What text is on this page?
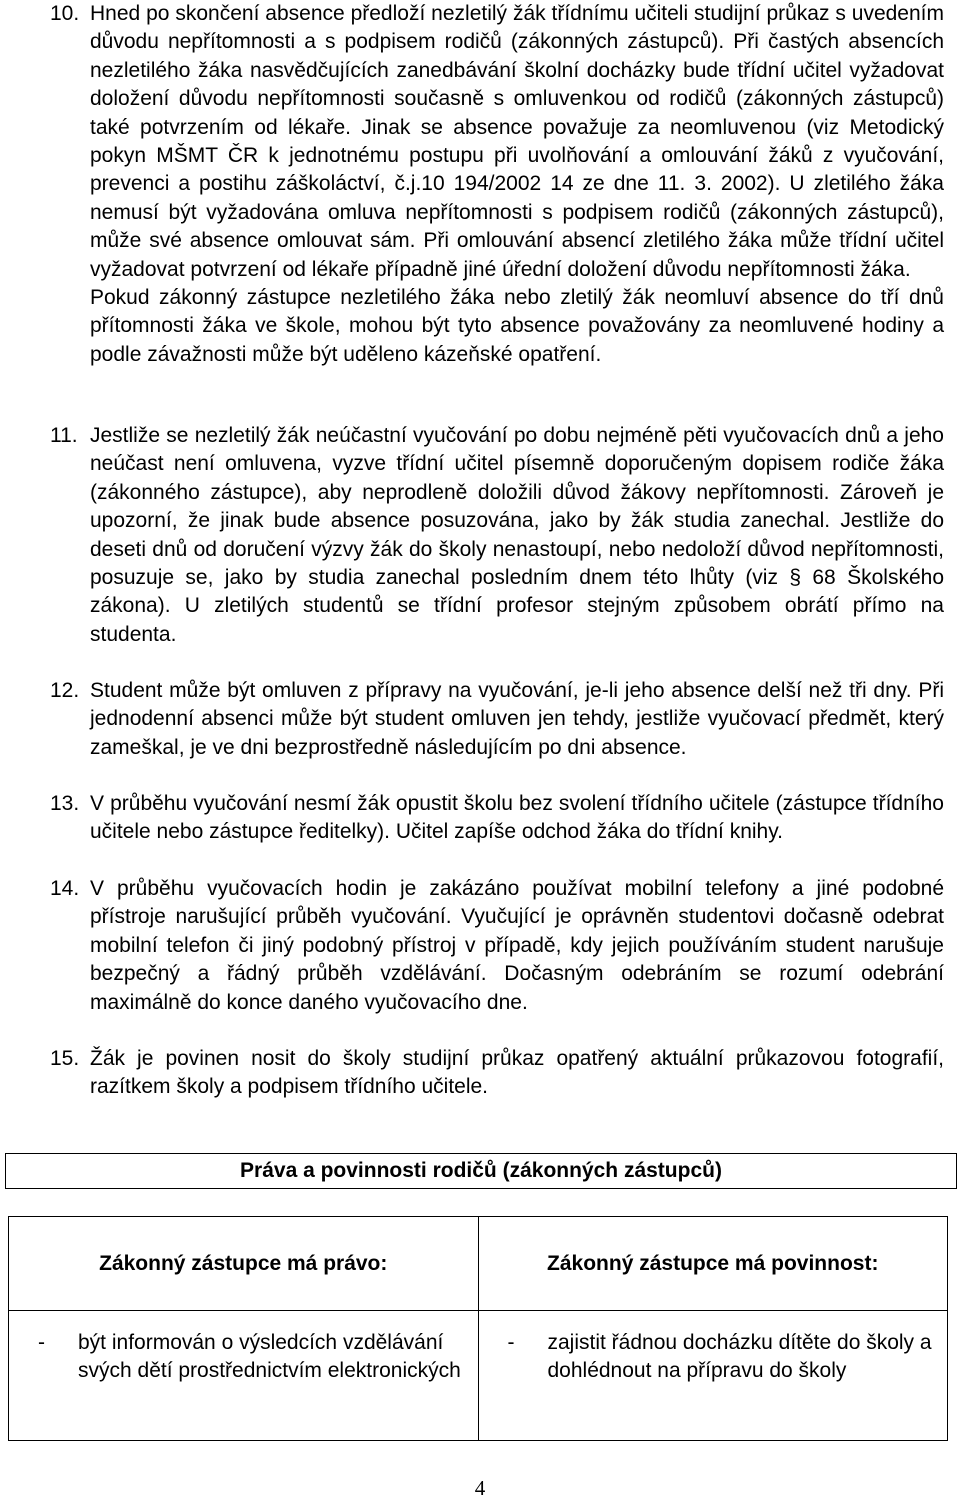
10. Hned po skončení absence předloží nezletilý žák třídnímu učiteli studijní průkaz s uvedením důvodu nepřítomnosti a s podpisem rodičů (zákonných zástupců). Při častých absencích nezletilého žáka nasvědčujících zanedbávání školní docházky bude třídní učitel vyžadovat doložení důvodu nepřítomnosti současně s omluvenkou od rodičů (zákonných zástupců) také potvrzením od lékaře. Jinak se absence považuje za neomluvenou (viz Metodický pokyn MŠMT ČR k jednotnému postupu při uvolňování a omlouvání žáků z vyučování, prevenci a postihu záškoláctví, č.j.10 194/2002 14 ze dne 11. 3. 2002). U zletilého žáka nemusí být vyžadována omluva nepřítomnosti s podpisem rodičů (zákonných zástupců), může své absence omlouvat sám. Při omlouvání absencí zletilého žáka může třídní učitel vyžadovat potvrzení od lékaře případně jiné úřední doložení důvodu nepřítomnosti žáka.

Pokud zákonný zástupce nezletilého žáka nebo zletilý žák neomluví absence do tří dnů přítomnosti žáka ve škole, mohou být tyto absence považovány za neomluvené hodiny a podle závažnosti může být uděleno kázeňské opatření.

11. Jestliže se nezletilý žák neúčastní vyučování po dobu nejméně pěti vyučovacích dnů a jeho neúčast není omluvena, vyzve třídní učitel písemně doporučeným dopisem rodiče žáka (zákonného zástupce), aby neprodleně doložili důvod žákovy nepřítomnosti. Zároveň je upozorní, že jinak bude absence posuzována, jako by žák studia zanechal. Jestliže do deseti dnů od doručení výzvy žák do školy nenastoupí, nebo nedoloží důvod nepřítomnosti, posuzuje se, jako by studia zanechal posledním dnem této lhůty (viz § 68 Školského zákona). U zletilých studentů se třídní profesor stejným způsobem obrátí přímo na studenta.

12. Student může být omluven z přípravy na vyučování, je-li jeho absence delší než tři dny. Při jednodenní absenci může být student omluven jen tehdy, jestliže vyučovací předmět, který zameškal, je ve dni bezprostředně následujícím po dni absence.

13. V průběhu vyučování nesmí žák opustit školu bez svolení třídního učitele (zástupce třídního učitele nebo zástupce ředitelky). Učitel zapíše odchod žáka do třídní knihy.

14. V průběhu vyučovacích hodin je zakázáno používat mobilní telefony a jiné podobné přístroje narušující průběh vyučování. Vyučující je oprávněn studentovi dočasně odebrat mobilní telefon či jiný podobný přístroj v případě, kdy jejich používáním student narušuje bezpečný a řádný průběh vzdělávání. Dočasným odebráním se rozumí odebrání maximálně do konce daného vyučovacího dne.

15. Žák je povinen nosit do školy studijní průkaz opatřený aktuální průkazovou fotografií, razítkem školy a podpisem třídního učitele.

Práva a povinnosti rodičů (zákonných zástupců)
Zákonný zástupce má právo:	Zákonný zástupce má povinnost:

- být informován o výsledcích vzdělávání svých dětí prostřednictvím elektronických	- zajistit řádnou docházku dítěte do školy a dohlédnout na přípravu do školy
4
